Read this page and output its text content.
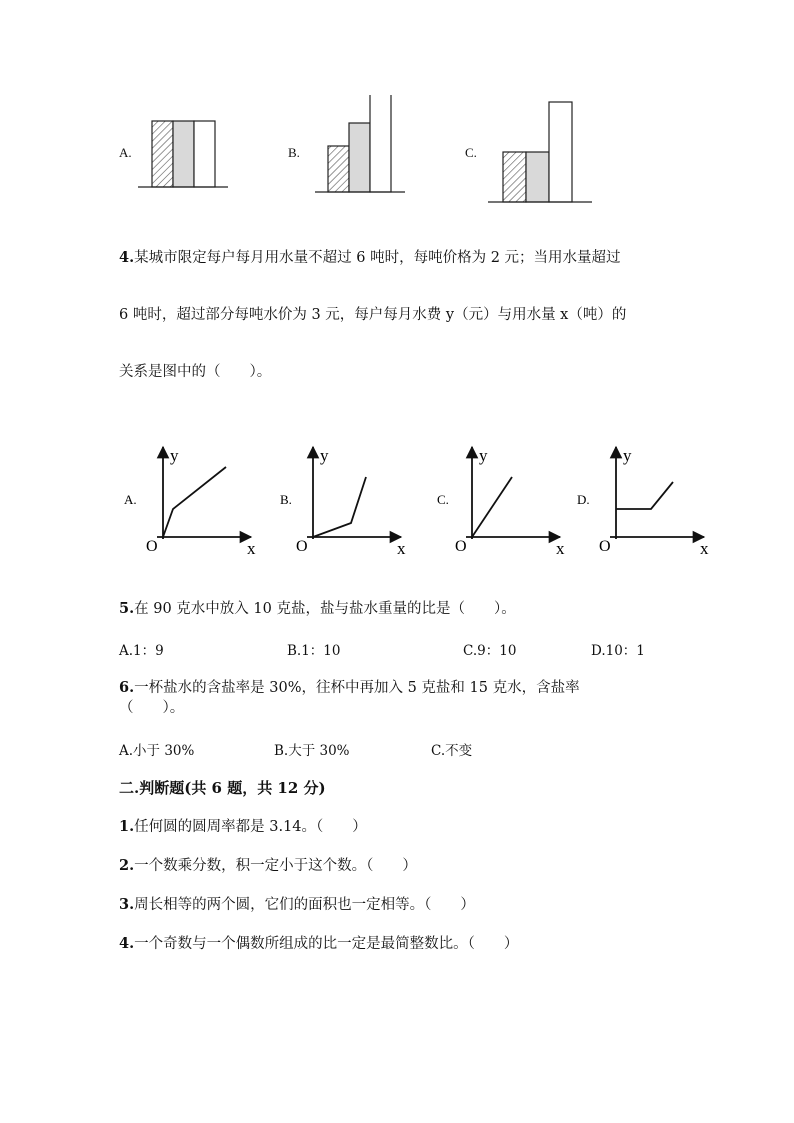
A.	B.	C.
4.某城市限定每户每月用水量不超过 6 吨时，每吨价格为 2 元；当用水量超过
6 吨时，超过部分每吨水价为 3 元，每户每月水费 y（元）与用水量 x（吨）的
关系是图中的（　　）。
y
x
O
A.
y
x
O
B.
y
x
O
C.
y
x
O
D.
5.在 90 克水中放入 10 克盐，盐与盐水重量的比是（　　）。
A.1：9	B.1：10	C.9：10	D.10：1
6.一杯盐水的含盐率是 30%，往杯中再加入 5 克盐和 15 克水，含盐率
（　　）。
A.小于 30%	B.大于 30%	C.不变
二.判断题(共 6 题，共 12 分)
1.任何圆的圆周率都是 3.14。（　　）
2.一个数乘分数，积一定小于这个数。（　　）
3.周长相等的两个圆，它们的面积也一定相等。（　　）
4.一个奇数与一个偶数所组成的比一定是最简整数比。（　　）
